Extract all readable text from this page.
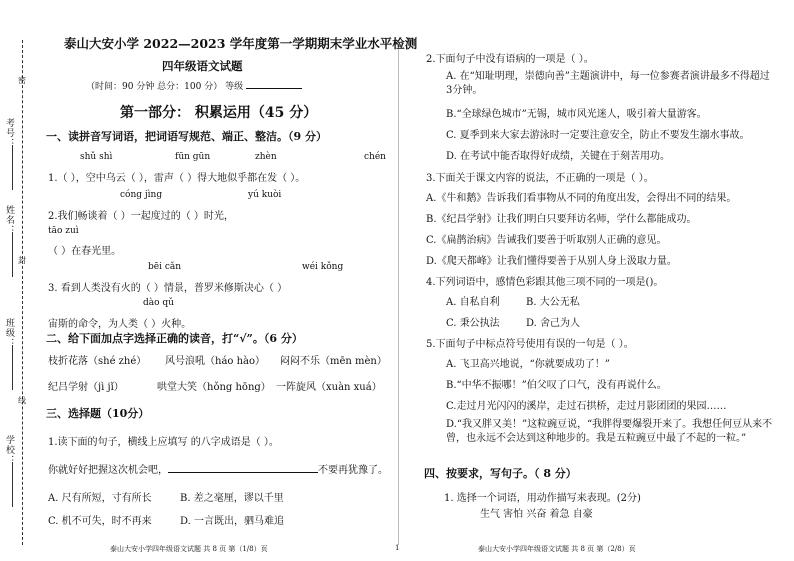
密
考号：
姓名：
封
班级：
线
学校：
泰山大安小学 2022—2023 学年度第一学期期末学业水平检测
四年级语文试题
（时间：90 分钟 总分：100 分） 等级
第一部分： 积累运用（45 分）
一、读拼音写词语，把词语写规范、端正、整洁。（9 分）
shǔ shì	fūn gūn	zhèn	chén
1.（ ），空中乌云（ ），雷声（ ）得大地似乎都在发（ ）。
cóng jìng	yú kuòi
2.我们畅谈着（ ）一起度过的（ ）时光，
tāo zuì
（ ）在春光里。
bēi cǎn	wéi kǒng
3. 看到人类没有火的（ ）情景，普罗米修斯决心（ ）
dào qǔ
宙斯的命令，为人类（ ）火种。
二、给下面加点字选择正确的读音，打“√”。（6 分）
枝折花落（shé zhé） 风号浪吼（háo hào） 闷闷不乐（mēn mèn）
纪吕学射（jì jǐ）	哄堂大笑（hǒng hōng） 一阵旋风（xuàn xuá）
三、选择题（10分）
1.读下面的句子，横线上应填写 的八字成语是（ ）。
你就好好把握这次机会吧，	不要再犹豫了。
A. 尺有所短，寸有所长	B. 差之毫厘，谬以千里
C. 机不可失，时不再来	D. 一言既出，驷马难追
泰山大安小学四年级语文试题 共 8 页 第（1/8）页	1
2.下面句子中没有语病的一项是（ ）。
A. 在“知耻明理，崇德向善”主题演讲中，每一位参赛者演讲最多不得超过3分钟。
B.“全球绿色城市”无锡，城市风光迷人，吸引着大量游客。
C. 夏季到来大家去游泳时一定要注意安全，防止不要发生溺水事故。
D. 在考试中能否取得好成绩，关键在于刻苦用功。
3.下面关于课文内容的说法，不正确的一项是（ ）。
A.《牛和鹅》告诉我们看事物从不同的角度出发，会得出不同的结果。
B.《纪昌学射》让我们明白只要拜访名师，学什么都能成功。
C.《扁鹊治病》告诫我们要善于听取别人正确的意见。
D.《爬天都峰》让我们懂得要善于从别人身上汲取力量。
4.下列词语中，感情色彩跟其他三项不同的一项是()。
A. 自私自利	B. 大公无私
C. 秉公执法	D. 舍己为人
5.下面句子中标点符号使用有误的一句是（ ）。
A. 飞卫高兴地说，“你就要成功了！”
B.“中华不振哪！”伯父叹了口气，没有再说什么。
C.走过月光闪闪的溪岸，走过石拱桥，走过月影团团的果园……
D.“我又胖又美！”这粒豌豆说，“我胖得要爆裂开来了。我想任何豆从来不曾，也永远不会达到这种地步的。我是五粒豌豆中最了不起的一粒。”
四、按要求，写句子。（ 8 分）
1. 选择一个词语，用动作描写来表现。(2分)
生气 害怕 兴奋 着急 自豪
泰山大安小学四年级语文试题 共 8 页 第（2/8）页
